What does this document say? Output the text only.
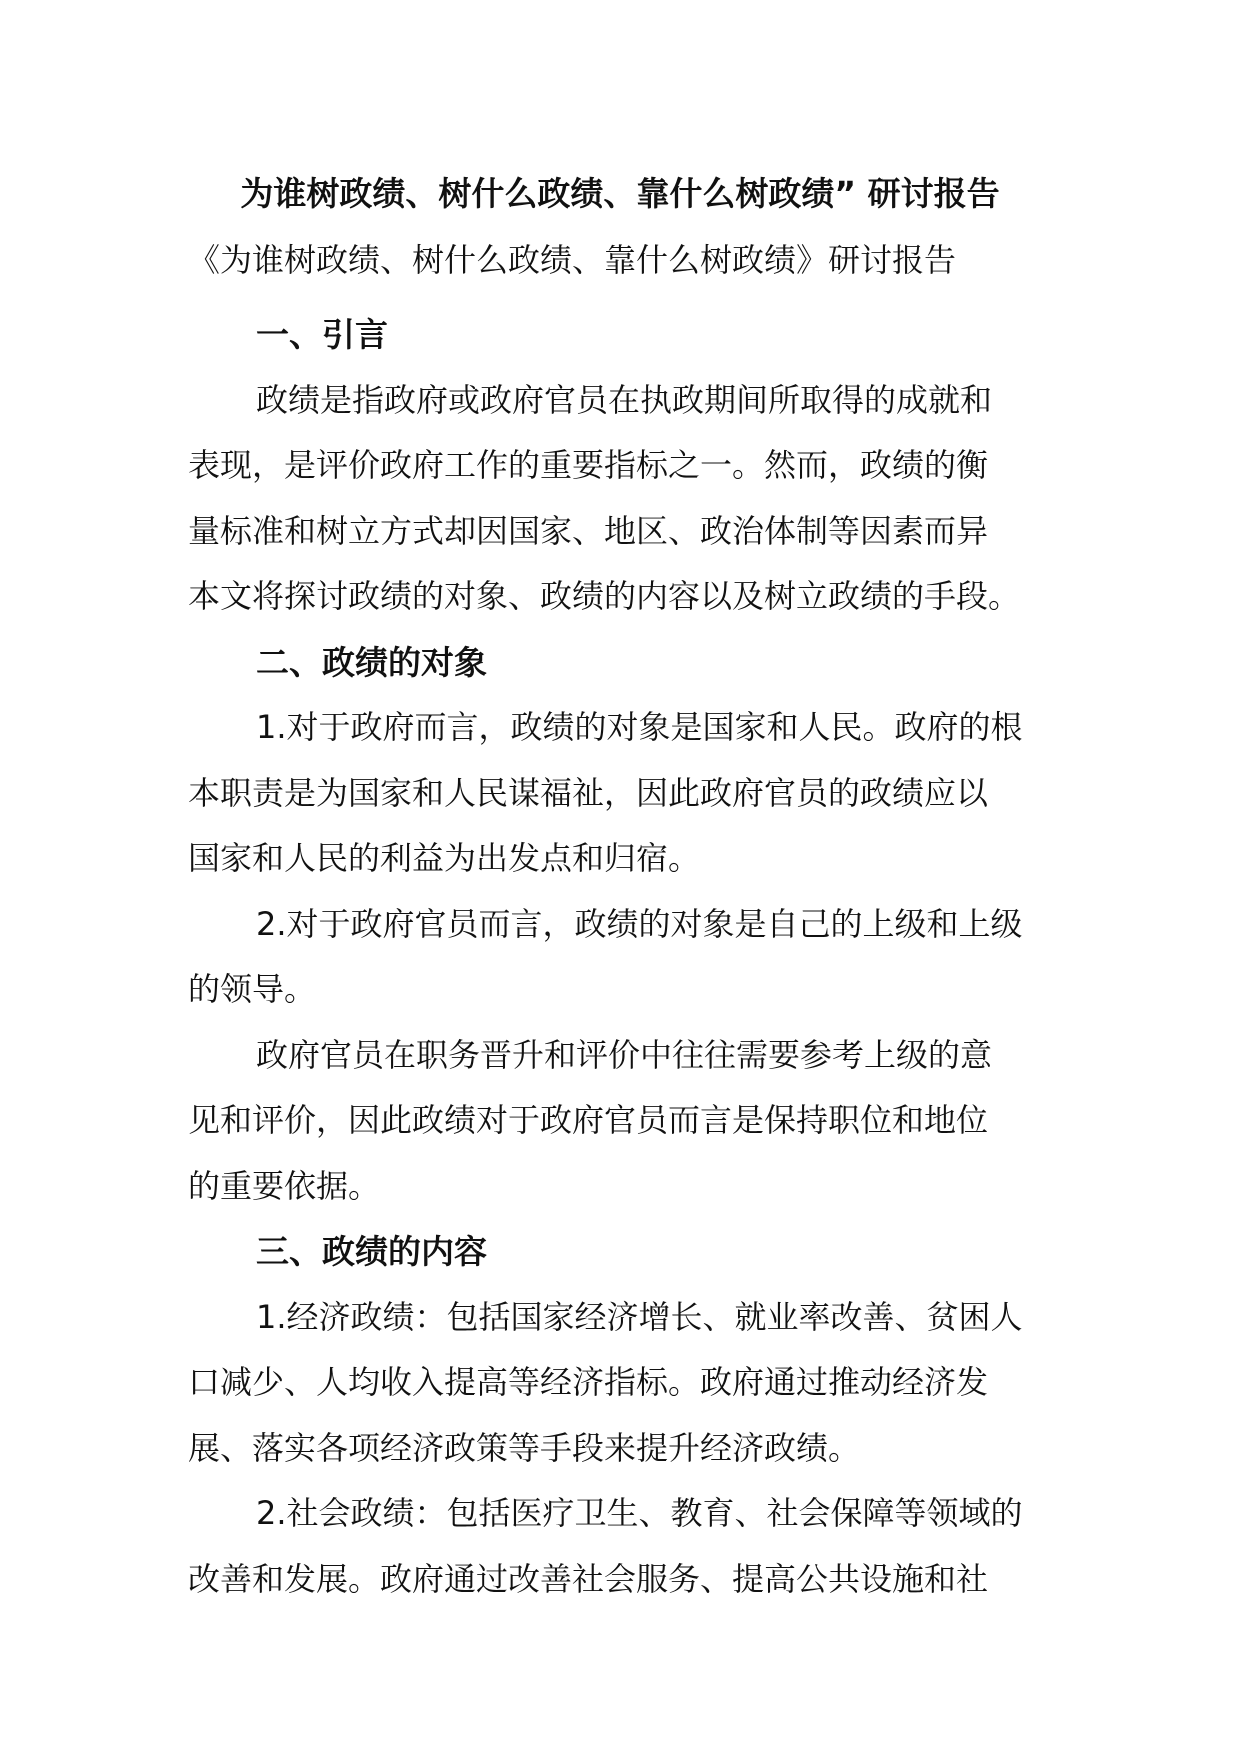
为谁树政绩、树什么政绩、靠什么树政绩” 研讨报告

《为谁树政绩、树什么政绩、靠什么树政绩》研讨报告

一、引言
政绩是指政府或政府官员在执政期间所取得的成就和
表现，是评价政府工作的重要指标之一。然而，政绩的衡
量标准和树立方式却因国家、地区、政治体制等因素而异
本文将探讨政绩的对象、政绩的内容以及树立政绩的手段。
二、政绩的对象
1.对于政府而言，政绩的对象是国家和人民。政府的根
本职责是为国家和人民谋福祉，因此政府官员的政绩应以
国家和人民的利益为出发点和归宿。
2.对于政府官员而言，政绩的对象是自己的上级和上级
的领导。
政府官员在职务晋升和评价中往往需要参考上级的意
见和评价，因此政绩对于政府官员而言是保持职位和地位
的重要依据。
三、政绩的内容
1.经济政绩：包括国家经济增长、就业率改善、贫困人
口减少、人均收入提高等经济指标。政府通过推动经济发
展、落实各项经济政策等手段来提升经济政绩。
2.社会政绩：包括医疗卫生、教育、社会保障等领域的
改善和发展。政府通过改善社会服务、提高公共设施和社
